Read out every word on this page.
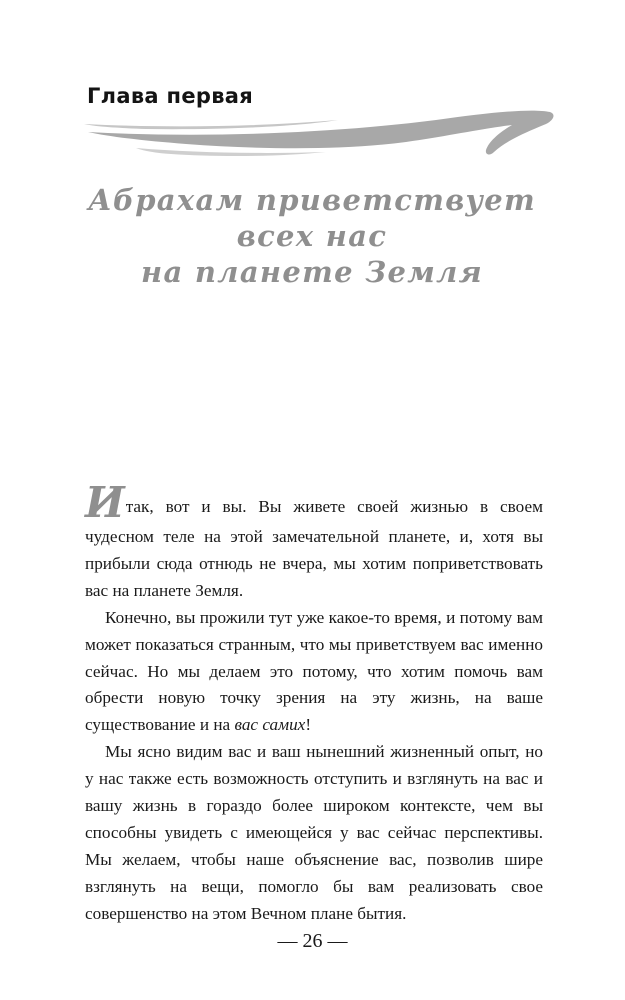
Глава первая
Абрахам приветствует
всех нас
на планете Земля

Итак, вот и вы. Вы живете своей жизнью в своем чудесном теле на этой замечательной планете, и, хотя вы прибыли сюда отнюдь не вчера, мы хотим поприветствовать вас на планете Земля.

Конечно, вы прожили тут уже какое-то время, и потому вам может показаться странным, что мы приветствуем вас именно сейчас. Но мы делаем это потому, что хотим помочь вам обрести новую точку зрения на эту жизнь, на ваше существование и на вас самих!

Мы ясно видим вас и ваш нынешний жизненный опыт, но у нас также есть возможность отступить и взглянуть на вас и вашу жизнь в гораздо более широком контексте, чем вы способны увидеть с имеющейся у вас сейчас перспективы. Мы желаем, чтобы наше объяснение вас, позволив шире взглянуть на вещи, помогло бы вам реализовать свое совершенство на этом Вечном плане бытия.

— 26 —
